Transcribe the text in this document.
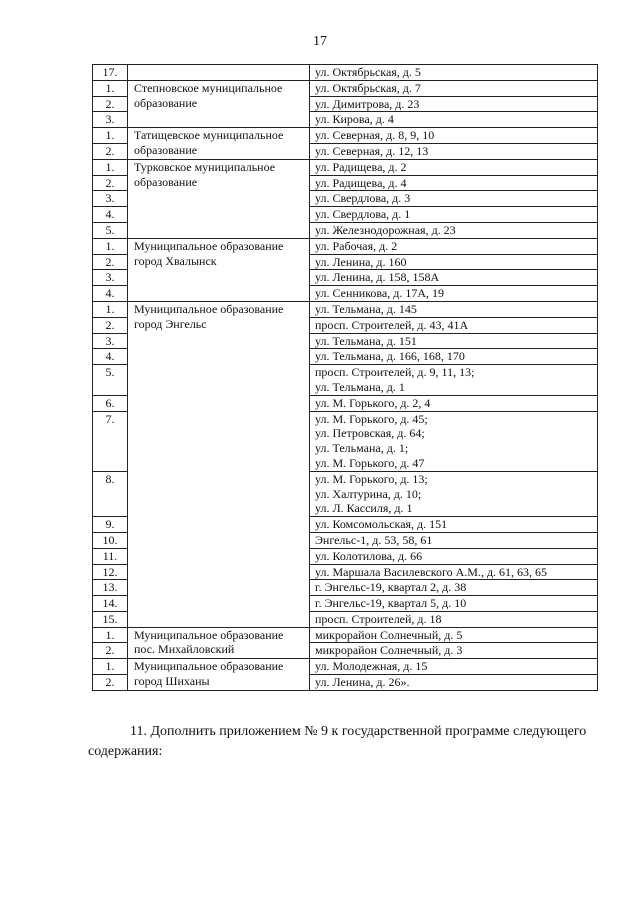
17
17.		ул. Октябрьская, д. 5

1.	Степновское муниципальное образование	ул. Октябрьская, д. 7

2.		ул. Димитрова, д. 23

3.		ул. Кирова, д. 4

1.	Татищевское муниципальное образование	ул. Северная, д. 8, 9, 10

2.		ул. Северная, д. 12, 13

1.	Турковское муниципальное образование	ул. Радищева, д. 2

2.		ул. Радищева, д. 4

3.		ул. Свердлова, д. 3

4.		ул. Свердлова, д. 1

5.		ул. Железнодорожная, д. 23

1.	Муниципальное образование город Хвалынск	ул. Рабочая, д. 2

2.		ул. Ленина, д. 160

3.		ул. Ленина, д. 158, 158А

4.		ул. Сенникова, д. 17А, 19

1.	Муниципальное образование город Энгельс	ул. Тельмана, д. 145

2.		просп. Строителей, д. 43, 41А

3.		ул. Тельмана, д. 151

4.		ул. Тельмана, д. 166, 168, 170

5.		просп. Строителей, д. 9, 11, 13;
ул. Тельмана, д. 1

6.		ул. М. Горького, д. 2, 4

7.		ул. М. Горького, д. 45;
ул. Петровская, д. 64;
ул. Тельмана, д. 1;
ул. М. Горького, д. 47

8.		ул. М. Горького, д. 13;
ул. Халтурина, д. 10;
ул. Л. Кассиля, д. 1

9.		ул. Комсомольская, д. 151

10.		Энгельс-1, д. 53, 58, 61

11.		ул. Колотилова, д. 66

12.		ул. Маршала Василевского А.М., д. 61, 63, 65

13.		г. Энгельс-19, квартал 2, д. 38

14.		г. Энгельс-19, квартал 5, д. 10

15.		просп. Строителей, д. 18

1.	Муниципальное образование пос. Михайловский	микрорайон Солнечный, д. 5

2.		микрорайон Солнечный, д. 3

1.	Муниципальное образование город Шиханы	ул. Молодежная, д. 15

2.		ул. Ленина, д. 26».

11. Дополнить приложением № 9 к государственной программе следующего содержания:
